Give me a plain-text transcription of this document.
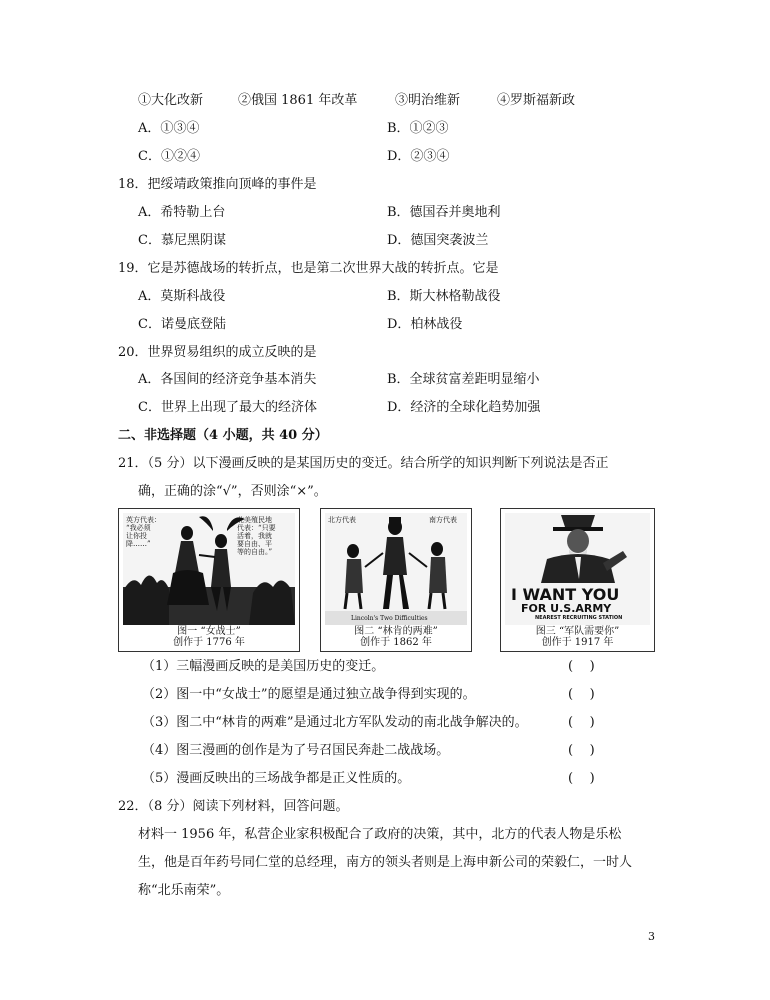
①大化改新	②俄国 1861 年改革	③明治维新	④罗斯福新政
A．①③④	B．①②③
C．①②④	D．②③④
18．把绥靖政策推向顶峰的事件是
A．希特勒上台	B．德国吞并奥地利
C．慕尼黑阴谋	D．德国突袭波兰
19．它是苏德战场的转折点，也是第二次世界大战的转折点。它是
A．莫斯科战役	B．斯大林格勒战役
C．诺曼底登陆	D．柏林战役
20．世界贸易组织的成立反映的是
A．各国间的经济竞争基本消失	B．全球贫富差距明显缩小
C．世界上出现了最大的经济体	D．经济的全球化趋势加强
二、非选择题（4 小题，共 40 分）
21．（5 分）以下漫画反映的是某国历史的变迁。结合所学的知识判断下列说法是否正
确，正确的涂“√”，否则涂“×”。
英方代表：
“我必须
让你投
降……”
北美殖民地
代表：“只要
活着，我就
要自由、平
等的自由。”
图一 “女战士”
创作于 1776 年
北方代表	南方代表
Lincoln's Two Difficulties
图二 “林肯的两难”
创作于 1862 年
I WANT YOU
FOR U.S.ARMY
NEAREST RECRUITING STATION
图三 “军队需要你”
创作于 1917 年
（1）三幅漫画反映的是美国历史的变迁。	(    )
（2）图一中“女战士”的愿望是通过独立战争得到实现的。	(    )
（3）图二中“林肯的两难”是通过北方军队发动的南北战争解决的。	(    )
（4）图三漫画的创作是为了号召国民奔赴二战战场。	(    )
（5）漫画反映出的三场战争都是正义性质的。	(    )
22．（8 分）阅读下列材料，回答问题。
材料一 1956 年，私营企业家积极配合了政府的决策，其中，北方的代表人物是乐松
生，他是百年药号同仁堂的总经理，南方的领头者则是上海申新公司的荣毅仁，一时人
称“北乐南荣”。
3
